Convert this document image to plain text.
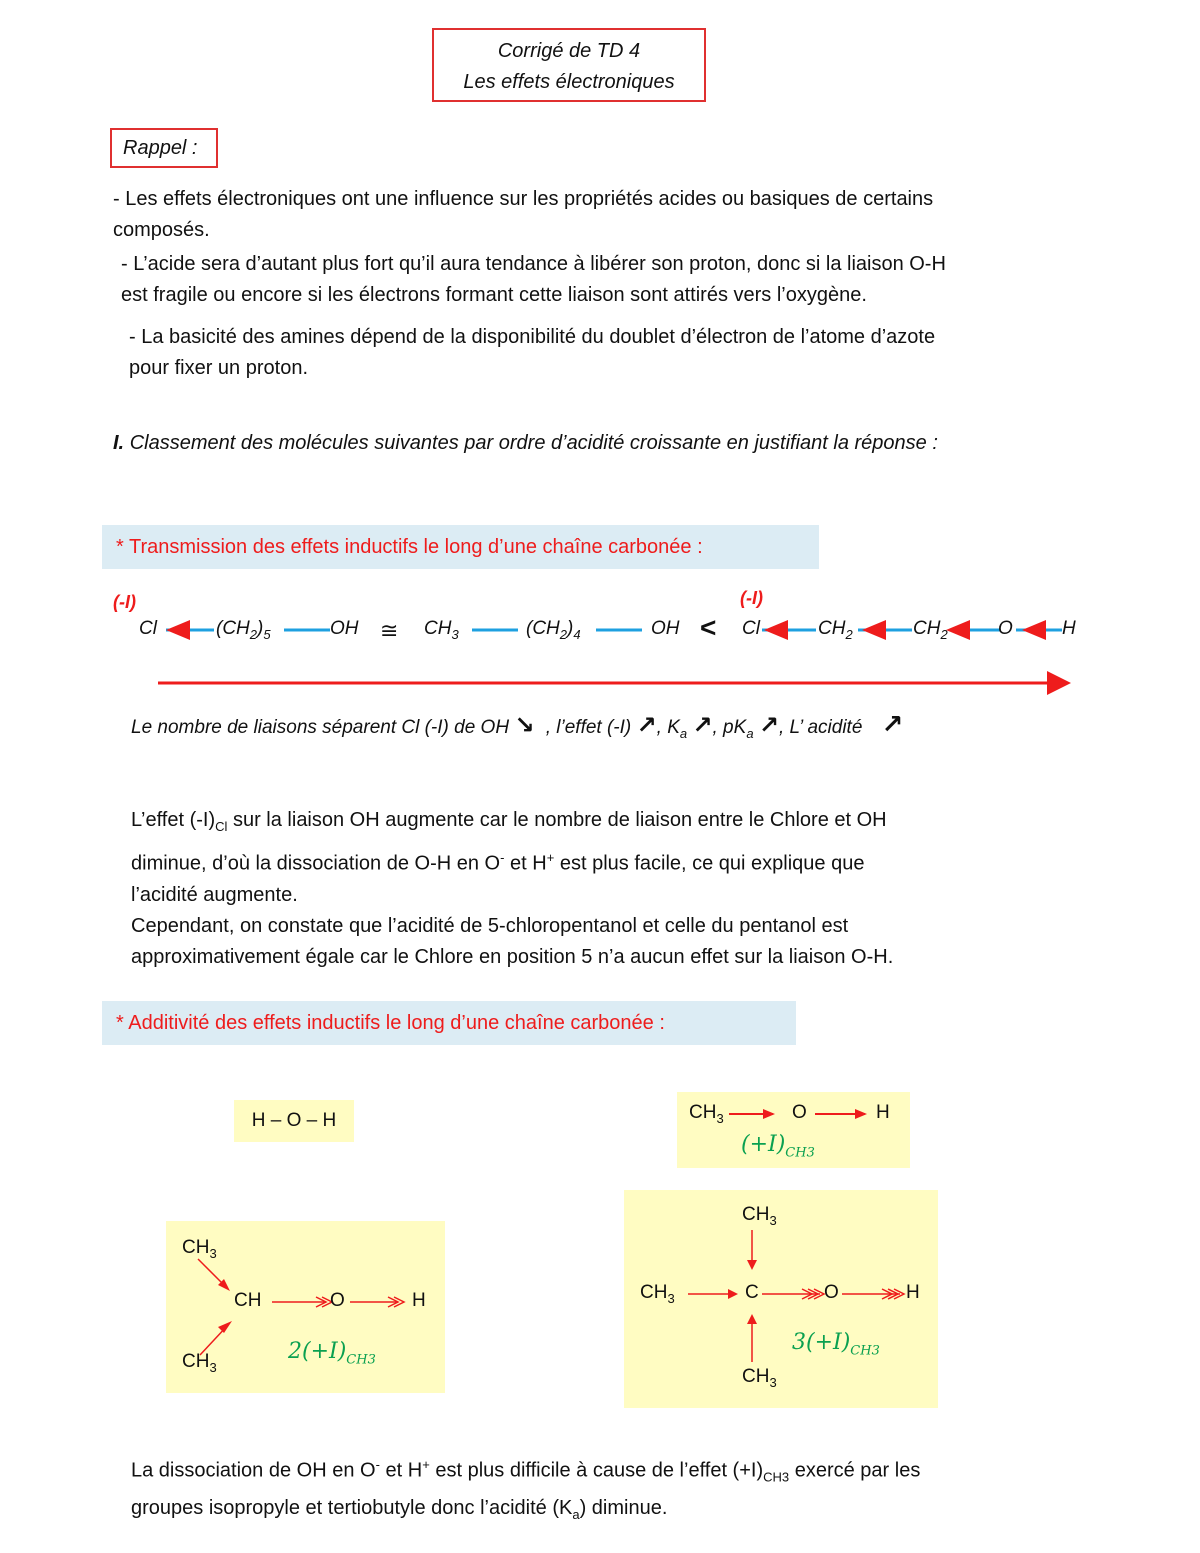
Corrigé de TD 4
Les effets électroniques
Rappel :
- Les effets électroniques ont une influence sur les propriétés acides ou basiques de certains
composés.
- L’acide sera d’autant plus fort qu’il aura tendance à libérer son proton, donc si la liaison O-H
est fragile ou encore si les électrons formant cette liaison sont attirés vers l’oxygène.
- La basicité des amines dépend de la disponibilité du doublet d’électron de l’atome d’azote
pour fixer un proton.
I. Classement des molécules suivantes par ordre d’acidité croissante en justifiant la réponse :
* Transmission des effets inductifs le long d’une chaîne carbonée :
(-I)	(-I)
Cl	$(CH_2)_5$	OH ≅ $CH_3$	$(CH_2)_4$	OH < Cl	$CH_2$	$CH_2$	O	H
Le nombre de liaisons séparent Cl (-I) de OH ↘ , l’effet (-I) ↗, $K_a$ ↗, $pK_a$ ↗, L’ acidité ↗
L’effet $(-I)_{Cl}$ sur la liaison OH augmente car le nombre de liaison entre le Chlore et OH
diminue, d’où la dissociation de O-H en O- et H+ est plus facile, ce qui explique que
l’acidité augmente.
Cependant, on constate que l’acidité de 5-chloropentanol et celle du pentanol est
approximativement égale car le Chlore en position 5 n’a aucun effet sur la liaison O-H.
* Additivité des effets inductifs le long d’une chaîne carbonée :
H – O – H	$CH_3$	O	H
$(+I)_{CH3}$
$CH_3$
CH	O	H
$CH_3$
$2(+I)_{CH3}$
$CH_3$
$CH_3$	C	O	H
$CH_3$
$3(+I)_{CH3}$
La dissociation de OH en O- et H+ est plus difficile à cause de l’effet $(+I)_{CH3}$ exercé par les
groupes isopropyle et tertiobutyle donc l’acidité $(K_a)$ diminue.
